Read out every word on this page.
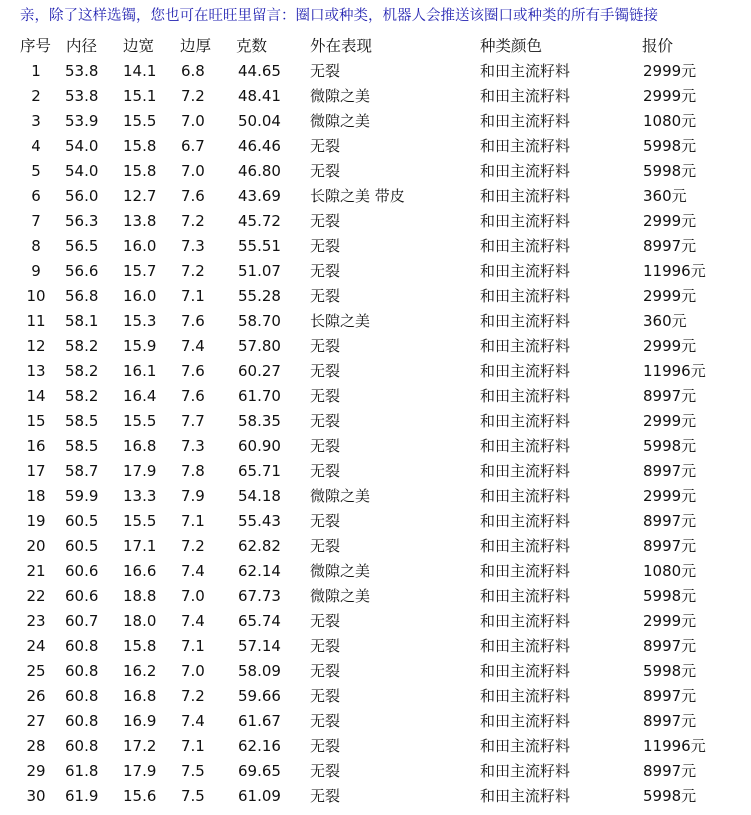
亲，除了这样选镯，您也可在旺旺里留言：圈口或种类，机器人会推送该圈口或种类的所有手镯链接
序号 内径	边宽	边厚	克数	外在表现	种类颜色	报价
1	53.8	14.1	6.8	44.65	无裂	和田主流籽料	2999元
2	53.8	15.1	7.2	48.41	微隙之美	和田主流籽料	2999元
3	53.9	15.5	7.0	50.04	微隙之美	和田主流籽料	1080元
4	54.0	15.8	6.7	46.46	无裂	和田主流籽料	5998元
5	54.0	15.8	7.0	46.80	无裂	和田主流籽料	5998元
6	56.0	12.7	7.6	43.69	长隙之美 带皮	和田主流籽料	360元
7	56.3	13.8	7.2	45.72	无裂	和田主流籽料	2999元
8	56.5	16.0	7.3	55.51	无裂	和田主流籽料	8997元
9	56.6	15.7	7.2	51.07	无裂	和田主流籽料	11996元
10	56.8	16.0	7.1	55.28	无裂	和田主流籽料	2999元
11	58.1	15.3	7.6	58.70	长隙之美	和田主流籽料	360元
12	58.2	15.9	7.4	57.80	无裂	和田主流籽料	2999元
13	58.2	16.1	7.6	60.27	无裂	和田主流籽料	11996元
14	58.2	16.4	7.6	61.70	无裂	和田主流籽料	8997元
15	58.5	15.5	7.7	58.35	无裂	和田主流籽料	2999元
16	58.5	16.8	7.3	60.90	无裂	和田主流籽料	5998元
17	58.7	17.9	7.8	65.71	无裂	和田主流籽料	8997元
18	59.9	13.3	7.9	54.18	微隙之美	和田主流籽料	2999元
19	60.5	15.5	7.1	55.43	无裂	和田主流籽料	8997元
20	60.5	17.1	7.2	62.82	无裂	和田主流籽料	8997元
21	60.6	16.6	7.4	62.14	微隙之美	和田主流籽料	1080元
22	60.6	18.8	7.0	67.73	微隙之美	和田主流籽料	5998元
23	60.7	18.0	7.4	65.74	无裂	和田主流籽料	2999元
24	60.8	15.8	7.1	57.14	无裂	和田主流籽料	8997元
25	60.8	16.2	7.0	58.09	无裂	和田主流籽料	5998元
26	60.8	16.8	7.2	59.66	无裂	和田主流籽料	8997元
27	60.8	16.9	7.4	61.67	无裂	和田主流籽料	8997元
28	60.8	17.2	7.1	62.16	无裂	和田主流籽料	11996元
29	61.8	17.9	7.5	69.65	无裂	和田主流籽料	8997元
30	61.9	15.6	7.5	61.09	无裂	和田主流籽料	5998元
